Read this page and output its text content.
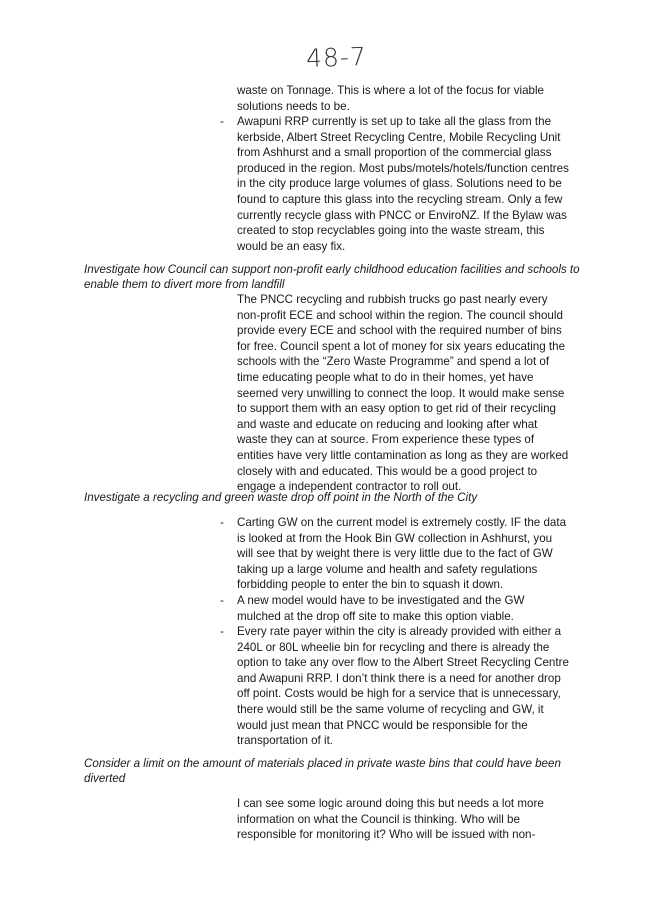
48-7
waste on Tonnage. This is where a lot of the focus for viable solutions needs to be.
-	Awapuni RRP currently is set up to take all the glass from the kerbside, Albert Street Recycling Centre, Mobile Recycling Unit from Ashhurst and a small proportion of the commercial glass produced in the region. Most pubs/motels/hotels/function centres in the city produce large volumes of glass. Solutions need to be found to capture this glass into the recycling stream. Only a few currently recycle glass with PNCC or EnviroNZ. If the Bylaw was created to stop recyclables going into the waste stream, this would be an easy fix.
Investigate how Council can support non-profit early childhood education facilities and schools to enable them to divert more from landfill
The PNCC recycling and rubbish trucks go past nearly every non-profit ECE and school within the region. The council should provide every ECE and school with the required number of bins for free. Council spent a lot of money for six years educating the schools with the “Zero Waste Programme” and spend a lot of time educating people what to do in their homes, yet have seemed very unwilling to connect the loop. It would make sense to support them with an easy option to get rid of their recycling and waste and educate on reducing and looking after what waste they can at source. From experience these types of entities have very little contamination as long as they are worked closely with and educated. This would be a good project to engage a independent contractor to roll out.
Investigate a recycling and green waste drop off point in the North of the City
-	Carting GW on the current model is extremely costly. IF the data is looked at from the Hook Bin GW collection in Ashhurst, you will see that by weight there is very little due to the fact of GW taking up a large volume and health and safety regulations forbidding people to enter the bin to squash it down.
-	A new model would have to be investigated and the GW mulched at the drop off site to make this option viable.
-	Every rate payer within the city is already provided with either a 240L or 80L wheelie bin for recycling and there is already the option to take any over flow to the Albert Street Recycling Centre and Awapuni RRP. I don’t think there is a need for another drop off point. Costs would be high for a service that is unnecessary, there would still be the same volume of recycling and GW, it would just mean that PNCC would be responsible for the transportation of it.
Consider a limit on the amount of materials placed in private waste bins that could have been diverted
I can see some logic around doing this but needs a lot more information on what the Council is thinking. Who will be responsible for monitoring it? Who will be issued with non-
